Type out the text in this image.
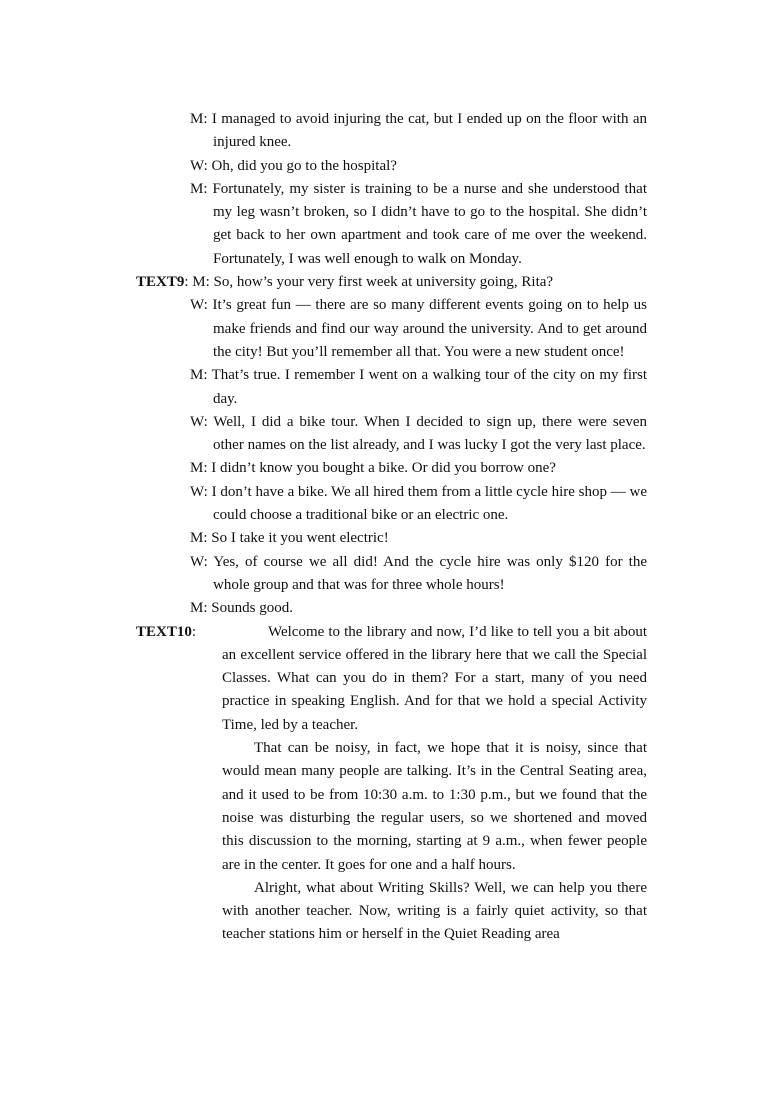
M: I managed to avoid injuring the cat, but I ended up on the floor with an injured knee.
W: Oh, did you go to the hospital?
M: Fortunately, my sister is training to be a nurse and she understood that my leg wasn’t broken, so I didn’t have to go to the hospital. She didn’t get back to her own apartment and took care of me over the weekend. Fortunately, I was well enough to walk on Monday.
TEXT9: M: So, how’s your very first week at university going, Rita?
W: It’s great fun — there are so many different events going on to help us make friends and find our way around the university. And to get around the city! But you’ll remember all that. You were a new student once!
M: That’s true. I remember I went on a walking tour of the city on my first day.
W: Well, I did a bike tour. When I decided to sign up, there were seven other names on the list already, and I was lucky I got the very last place.
M: I didn’t know you bought a bike. Or did you borrow one?
W: I don’t have a bike. We all hired them from a little cycle hire shop — we could choose a traditional bike or an electric one.
M: So I take it you went electric!
W: Yes, of course we all did! And the cycle hire was only $120 for the whole group and that was for three whole hours!
M: Sounds good.
TEXT10:	Welcome to the library and now, I’d like to tell you a bit about an excellent service offered in the library here that we call the Special Classes. What can you do in them? For a start, many of you need practice in speaking English. And for that we hold a special Activity Time, led by a teacher.
That can be noisy, in fact, we hope that it is noisy, since that would mean many people are talking. It’s in the Central Seating area, and it used to be from 10:30 a.m. to 1:30 p.m., but we found that the noise was disturbing the regular users, so we shortened and moved this discussion to the morning, starting at 9 a.m., when fewer people are in the center. It goes for one and a half hours.
Alright, what about Writing Skills? Well, we can help you there with another teacher. Now, writing is a fairly quiet activity, so that teacher stations him or herself in the Quiet Reading area
